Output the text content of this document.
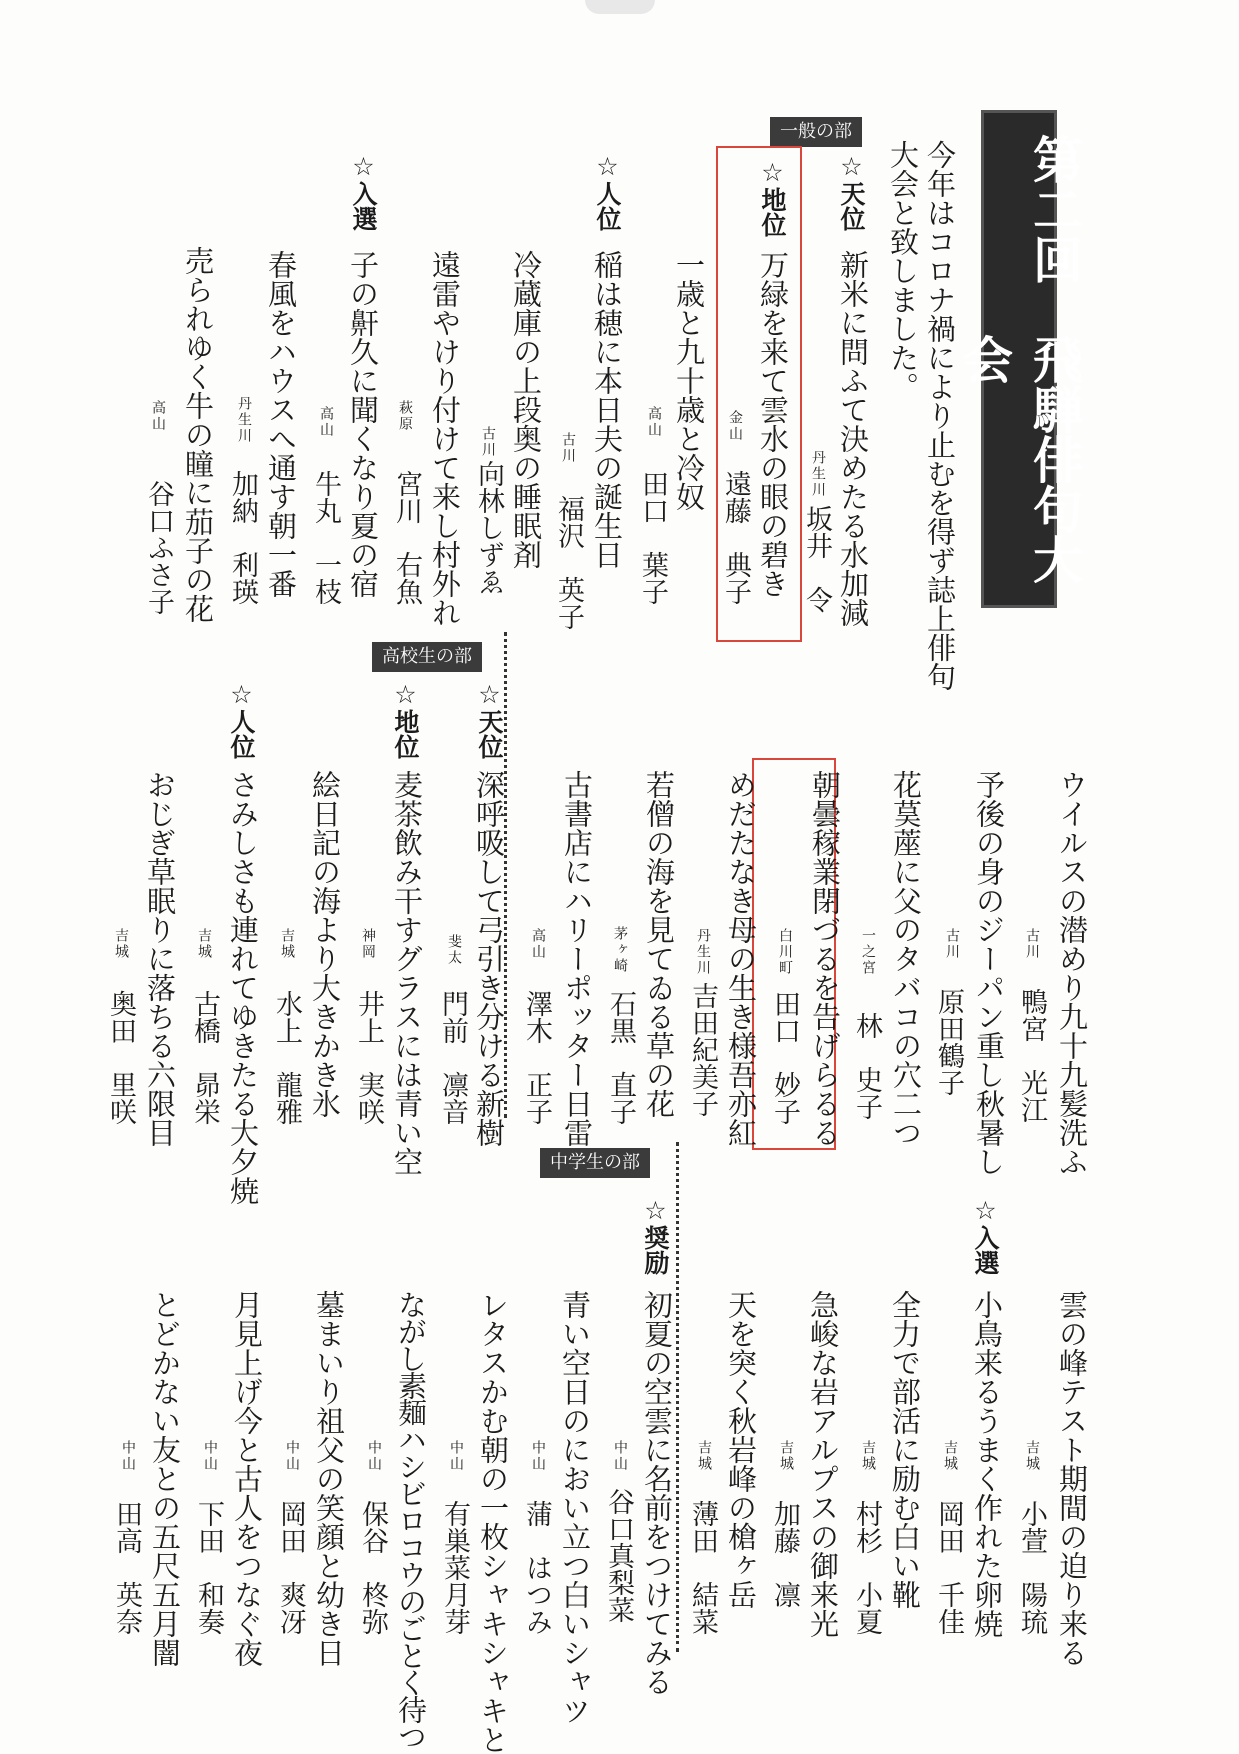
第二回　飛騨俳句大会
今年はコロナ禍により止むを得ず誌上俳句
大会と致しました。
一般の部
高校生の部
中学生の部
☆天位
新米に問ふて決めたる水加減
丹生川
坂井　令
☆地位
万緑を来て雲水の眼の碧き
金山
遠藤　典子
一歳と九十歳と冷奴
高山
田口　葉子
☆人位
稲は穂に本日夫の誕生日
古川
福沢　英子
冷蔵庫の上段奥の睡眠剤
古川
向林しずゑ
遠雷やけり付けて来し村外れ
萩原
宮川　右魚
☆入選
子の鼾久に聞くなり夏の宿
高山
牛丸　一枝
春風をハウスへ通す朝一番
丹生川
加納　利瑛
売られゆく牛の瞳に茄子の花
高山
谷口ふさ子
ウイルスの潜めり九十九髪洗ふ
古川
鴨宮　光江
予後の身のジーパン重し秋暑し
古川
原田鶴子
花茣蓙に父のタバコの穴二つ
一之宮
林　史子
朝曇稼業閉づるを告げらるる
白川町
田口　妙子
めだたなき母の生き様吾亦紅
丹生川
吉田紀美子
若僧の海を見てゐる草の花
茅ヶ崎
石黒　直子
古書店にハリーポッター日雷
高山
澤木　正子
☆天位
深呼吸して弓引き分ける新樹
斐太
門前　凛音
☆地位
麦茶飲み干すグラスには青い空
神岡
井上　実咲
絵日記の海より大きかき氷
吉城
水上　龍雅
☆人位
さみしさも連れてゆきたる大夕焼
吉城
古橋　昴栄
おじぎ草眠りに落ちる六限目
吉城
奥田　里咲
雲の峰テスト期間の迫り来る
吉城
小萱　陽琉
☆入選
小鳥来るうまく作れた卵焼
吉城
岡田　千佳
全力で部活に励む白い靴
吉城
村杉　小夏
急峻な岩アルプスの御来光
吉城
加藤　凛
天を突く秋岩峰の槍ヶ岳
吉城
薄田　結菜
☆奨励
初夏の空雲に名前をつけてみる
中山
谷口真梨菜
青い空日のにおい立つ白いシャツ
中山
蒲　はつみ
レタスかむ朝の一枚シャキシャキと
中山
有巣菜月芽
ながし素麺ハシビロコウのごとく待つ
中山
保谷　柊弥
墓まいり祖父の笑顔と幼き日
中山
岡田　爽冴
月見上げ今と古人をつなぐ夜
中山
下田　和奏
とどかない友との五尺五月闇
中山
田高　英奈
